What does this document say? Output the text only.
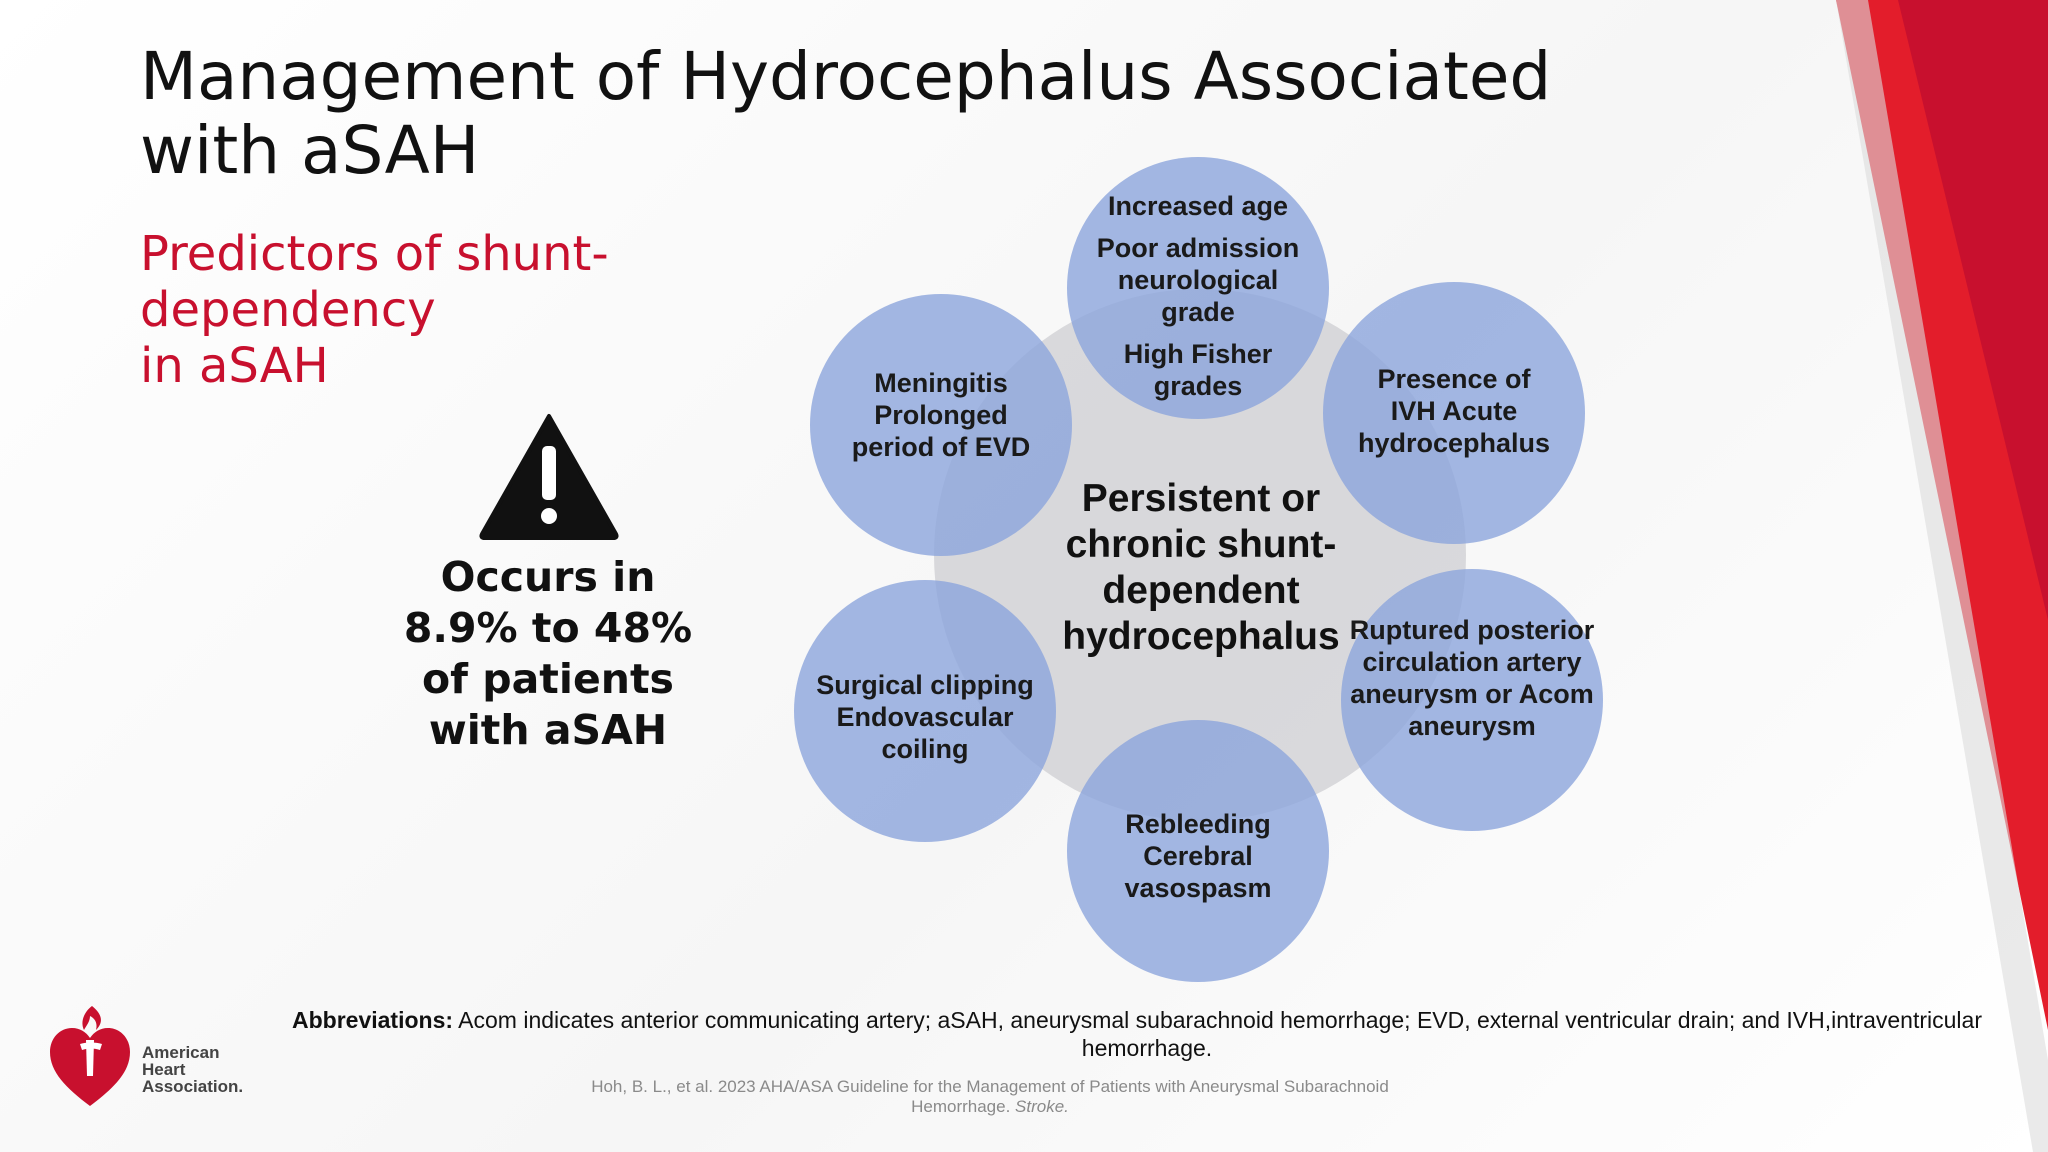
Management of Hydrocephalus Associated
with aSAH
Predictors of shunt-
dependency
in aSAH
Occurs in
8.9% to 48%
of patients
with aSAH
Persistent or
chronic shunt-
dependent
hydrocephalus
Increased age
Poor admission
neurological
grade
High Fisher
grades
Meningitis
Prolonged
period of EVD
Presence of
IVH Acute
hydrocephalus
Surgical clipping
Endovascular
coiling
Ruptured posterior
circulation artery
aneurysm or Acom
aneurysm
Rebleeding
Cerebral
vasospasm
Abbreviations: Acom indicates anterior communicating artery; aSAH, aneurysmal subarachnoid hemorrhage; EVD, external ventricular drain; and IVH, intraventricular
hemorrhage.
Hoh, B. L., et al. 2023 AHA/ASA Guideline for the Management of Patients with Aneurysmal Subarachnoid Hemorrhage. Stroke.
American
Heart
Association.
